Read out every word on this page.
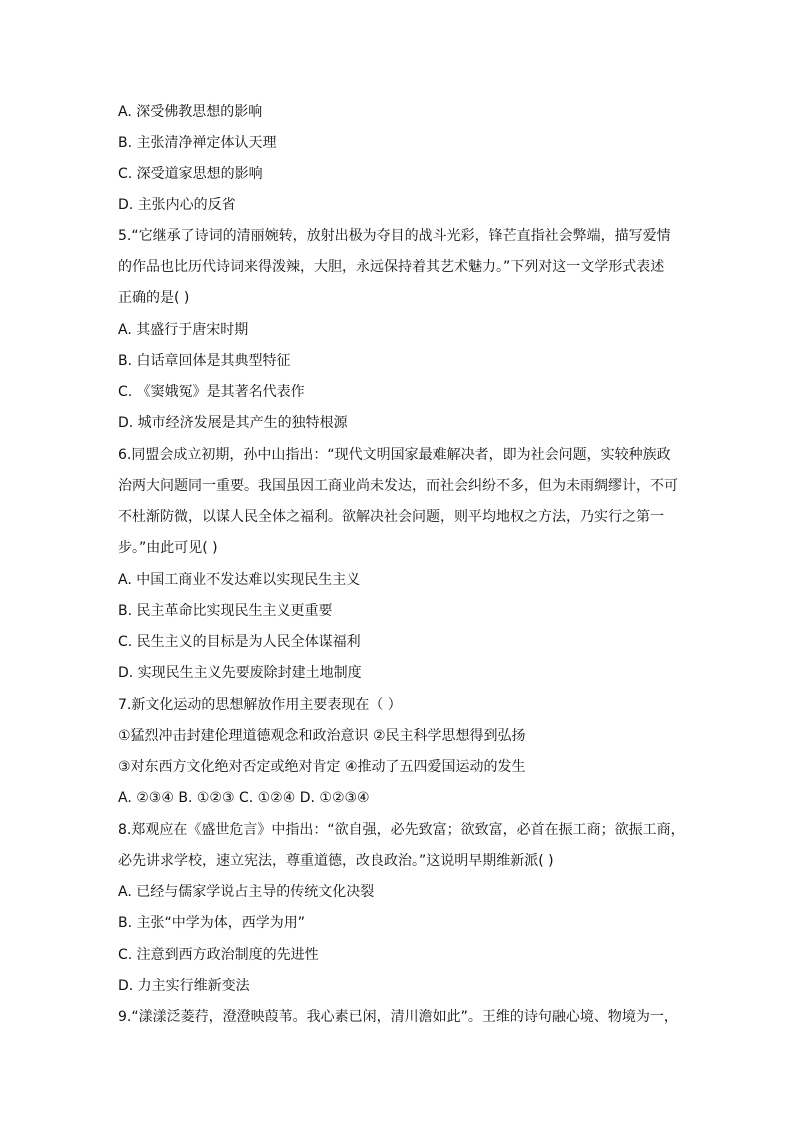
A. 深受佛教思想的影响
B. 主张清净禅定体认天理
C. 深受道家思想的影响
D. 主张内心的反省
5.“它继承了诗词的清丽婉转，放射出极为夺目的战斗光彩，锋芒直指社会弊端，描写爱情
的作品也比历代诗词来得泼辣，大胆，永远保持着其艺术魅力。”下列对这一文学形式表述
正确的是( )
A. 其盛行于唐宋时期
B. 白话章回体是其典型特征
C. 《窦娥冤》是其著名代表作
D. 城市经济发展是其产生的独特根源
6.同盟会成立初期，孙中山指出：“现代文明国家最难解决者，即为社会问题，实较种族政
治两大问题同一重要。我国虽因工商业尚未发达，而社会纠纷不多，但为未雨绸缪计，不可
不杜渐防微，以谋人民全体之福利。欲解决社会问题，则平均地权之方法，乃实行之第一
步。”由此可见( )
A. 中国工商业不发达难以实现民生主义
B. 民主革命比实现民生主义更重要
C. 民生主义的目标是为人民全体谋福利
D. 实现民生主义先要废除封建土地制度
7.新文化运动的思想解放作用主要表现在（ ）
①猛烈冲击封建伦理道德观念和政治意识 ②民主科学思想得到弘扬
③对东西方文化绝对否定或绝对肯定 ④推动了五四爱国运动的发生
A. ②③④ B. ①②③ C. ①②④ D. ①②③④
8.郑观应在《盛世危言》中指出：“欲自强，必先致富；欲致富，必首在振工商；欲振工商，
必先讲求学校，速立宪法，尊重道德，改良政治。”这说明早期维新派( )
A. 已经与儒家学说占主导的传统文化决裂
B. 主张“中学为体，西学为用”
C. 注意到西方政治制度的先进性
D. 力主实行维新变法
9.“漾漾泛菱荇，澄澄映葭苇。我心素已闲，清川澹如此”。王维的诗句融心境、物境为一，
